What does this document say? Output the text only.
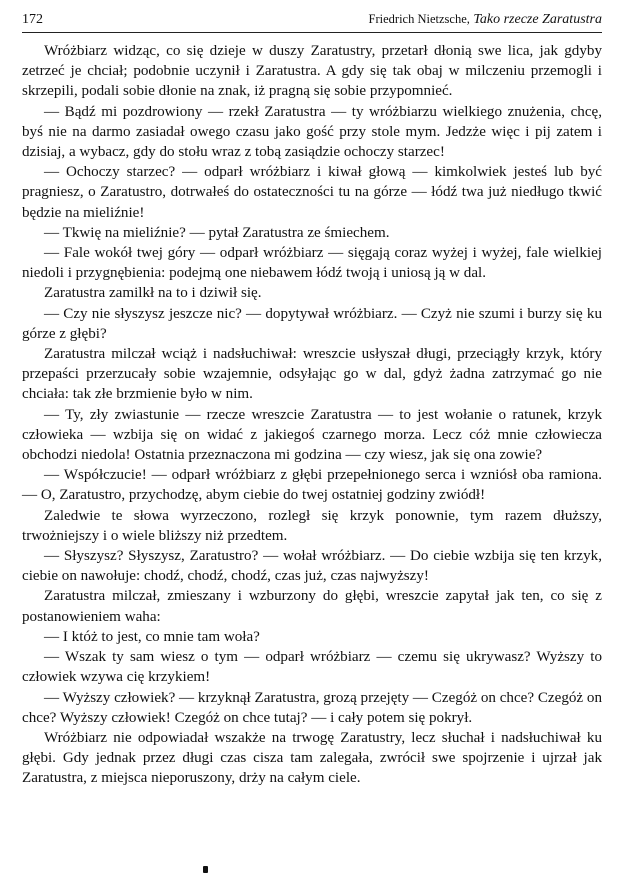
172	Friedrich Nietzsche, Tako rzecze Zaratustra

Wróżbiarz widząc, co się dzieje w duszy Zaratustry, przetarł dłonią swe lica, jak gdyby zetrzeć je chciał; podobnie uczynił i Zaratustra. A gdy się tak obaj w milczeniu przemogli i skrzepili, podali sobie dłonie na znak, iż pragną się sobie przypomnieć.

— Bądź mi pozdrowiony — rzekł Zaratustra — ty wróżbiarzu wielkiego znużenia, chcę, byś nie na darmo zasiadał owego czasu jako gość przy stole mym. Jedzże więc i pij zatem i dzisiaj, a wybacz, gdy do stołu wraz z tobą zasiądzie ochoczy starzec!

— Ochoczy starzec? — odparł wróżbiarz i kiwał głową — kimkolwiek jesteś lub być pragniesz, o Zaratustro, dotrwałeś do ostateczności tu na górze — łódź twa już niedługo tkwić będzie na mieliźnie!

— Tkwię na mieliźnie? — pytał Zaratustra ze śmiechem.

— Fale wokół twej góry — odparł wróżbiarz — sięgają coraz wyżej i wyżej, fale wielkiej niedoli i przygnębienia: podejmą one niebawem łódź twoją i uniosą ją w dal.

Zaratustra zamilkł na to i dziwił się.

— Czy nie słyszysz jeszcze nic? — dopytywał wróżbiarz. — Czyż nie szumi i burzy się ku górze z głębi?

Zaratustra milczał wciąż i nadsłuchiwał: wreszcie usłyszał długi, przeciągły krzyk, który przepaści przerzucały sobie wzajemnie, odsyłając go w dal, gdyż żadna zatrzymać go nie chciała: tak złe brzmienie było w nim.

— Ty, zły zwiastunie — rzecze wreszcie Zaratustra — to jest wołanie o ratunek, krzyk człowieka — wzbija się on widać z jakiegoś czarnego morza. Lecz cóż mnie człowiecza obchodzi niedola! Ostatnia przeznaczona mi godzina — czy wiesz, jak się ona zowie?

— Współczucie! — odparł wróżbiarz z głębi przepełnionego serca i wzniósł oba ramiona. — O, Zaratustro, przychodzę, abym ciebie do twej ostatniej godziny zwiódł!

Zaledwie te słowa wyrzeczono, rozległ się krzyk ponownie, tym razem dłuższy, trwożniejszy i o wiele bliższy niż przedtem.

— Słyszysz? Słyszysz, Zaratustro? — wołał wróżbiarz. — Do ciebie wzbija się ten krzyk, ciebie on nawołuje: chodź, chodź, chodź, czas już, czas najwyższy!

Zaratustra milczał, zmieszany i wzburzony do głębi, wreszcie zapytał jak ten, co się z postanowieniem waha:

— I któż to jest, co mnie tam woła?

— Wszak ty sam wiesz o tym — odparł wróżbiarz — czemu się ukrywasz? Wyższy to człowiek wzywa cię krzykiem!

— Wyższy człowiek? — krzyknął Zaratustra, grozą przejęty — Czegóż on chce? Czegóż on chce? Wyższy człowiek! Czegóż on chce tutaj? — i cały potem się pokrył.

Wróżbiarz nie odpowiadał wszakże na trwogę Zaratustry, lecz słuchał i nadsłuchiwał ku głębi. Gdy jednak przez długi czas cisza tam zalegała, zwrócił swe spojrzenie i ujrzał jak Zaratustra, z miejsca nieporuszony, drży na całym ciele.
